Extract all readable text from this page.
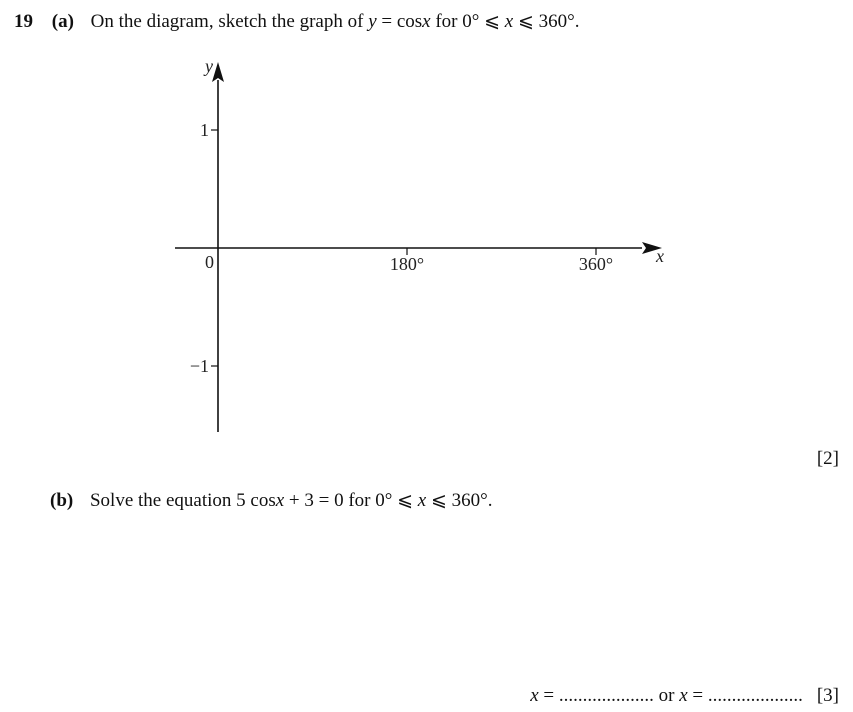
19 (a) On the diagram, sketch the graph of y = cosx for 0° ⩽ x ⩽ 360°.
180°	360°
1
−1
0	x
y
[2]
(b) Solve the equation 5 cosx + 3 = 0 for 0° ⩽ x ⩽ 360°.
x = .................... or x = .................... [3]
